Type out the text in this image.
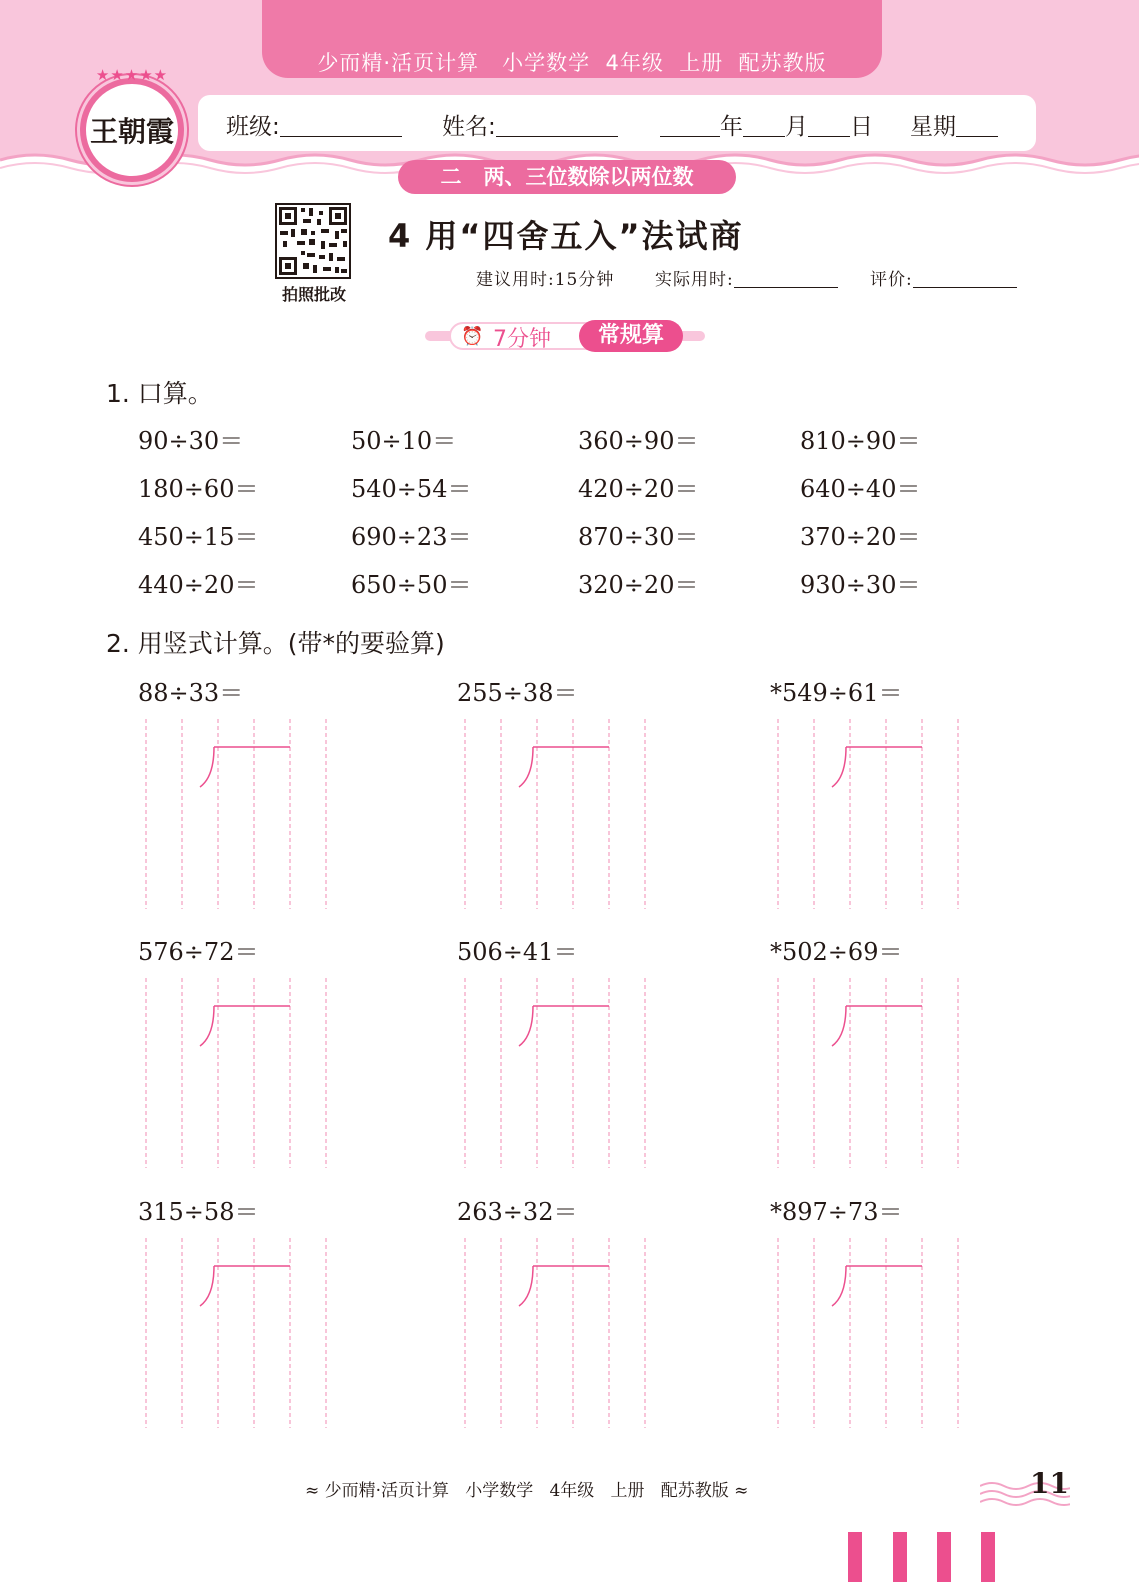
少而精·活页计算   小学数学  4年级  上册  配苏教版
★★★★★
王朝霞 班级:	姓名:	年 月 日 星期
二   两、三位数除以两位数
拍照批改
4 用“四舍五入”法试商
建议用时:15分钟 实际用时:	评价:
⏰ 7分钟	常规算
1. 口算。
90÷30＝	50÷10＝	360÷90＝	810÷90＝
180÷60＝	540÷54＝	420÷20＝	640÷40＝
450÷15＝	690÷23＝	870÷30＝	370÷20＝
440÷20＝	650÷50＝	320÷20＝	930÷30＝
2. 用竖式计算。(带*的要验算)
88÷33＝	255÷38＝	*549÷61＝
576÷72＝	506÷41＝	*502÷69＝
315÷58＝	263÷32＝	*897÷73＝
≈ 少而精·活页计算   小学数学   4年级   上册   配苏教版 ≈	11
